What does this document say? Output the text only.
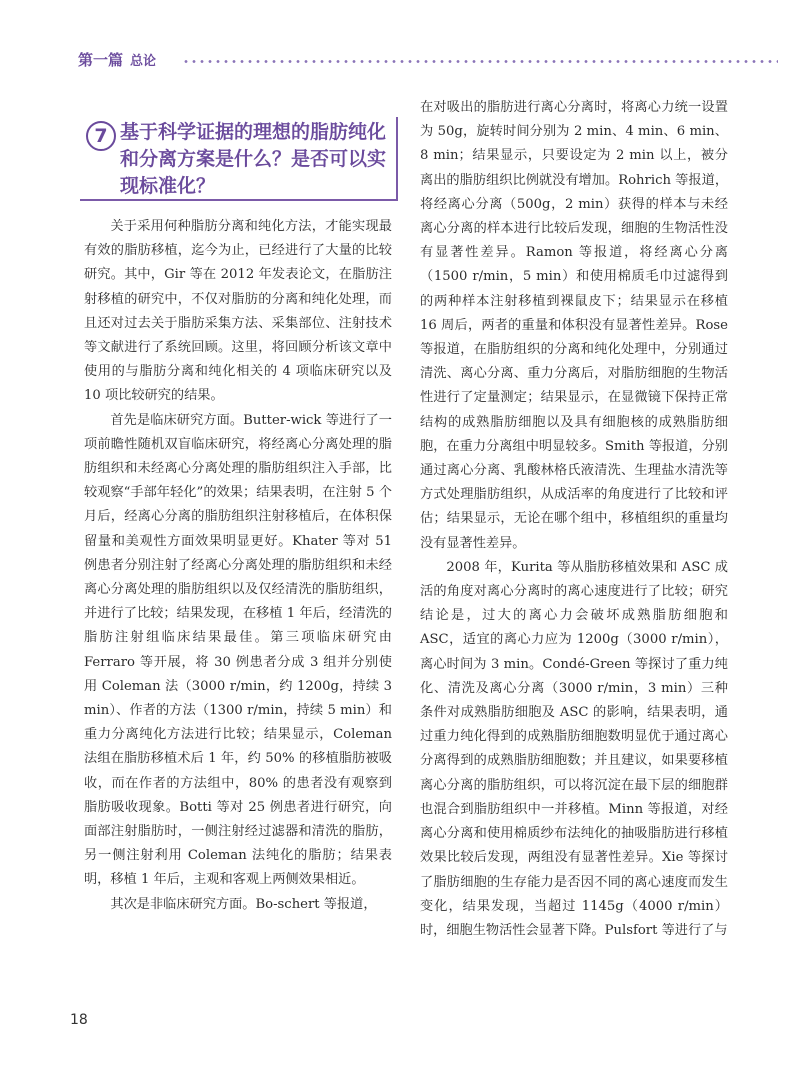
第一篇 总论
7 基于科学证据的理想的脂肪纯化和分离方案是什么？是否可以实现标准化？

关于采用何种脂肪分离和纯化方法，才能实现最有效的脂肪移植，迄今为止，已经进行了大量的比较研究。其中，Gir 等在 2012 年发表论文，在脂肪注射移植的研究中，不仅对脂肪的分离和纯化处理，而且还对过去关于脂肪采集方法、采集部位、注射技术等文献进行了系统回顾。这里，将回顾分析该文章中使用的与脂肪分离和纯化相关的 4 项临床研究以及 10 项比较研究的结果。

首先是临床研究方面。Butter-wick 等进行了一项前瞻性随机双盲临床研究，将经离心分离处理的脂肪组织和未经离心分离处理的脂肪组织注入手部，比较观察“手部年轻化”的效果；结果表明，在注射 5 个月后，经离心分离的脂肪组织注射移植后，在体积保留量和美观性方面效果明显更好。Khater 等对 51 例患者分别注射了经离心分离处理的脂肪组织和未经离心分离处理的脂肪组织以及仅经清洗的脂肪组织，并进行了比较；结果发现，在移植 1 年后，经清洗的脂肪注射组临床结果最佳。第三项临床研究由 Ferraro 等开展，将 30 例患者分成 3 组并分别使用 Coleman 法（3000 r/min，约 1200g，持续 3 min）、作者的方法（1300 r/min，持续 5 min）和重力分离纯化方法进行比较；结果显示，Coleman 法组在脂肪移植术后 1 年，约 50% 的移植脂肪被吸收，而在作者的方法组中，80% 的患者没有观察到脂肪吸收现象。Botti 等对 25 例患者进行研究，向面部注射脂肪时，一侧注射经过滤器和清洗的脂肪，另一侧注射利用 Coleman 法纯化的脂肪；结果表明，移植 1 年后，主观和客观上两侧效果相近。

其次是非临床研究方面。Bo-schert 等报道，

在对吸出的脂肪进行离心分离时，将离心力统一设置为 50g，旋转时间分别为 2 min、4 min、6 min、8 min；结果显示，只要设定为 2 min 以上，被分离出的脂肪组织比例就没有增加。Rohrich 等报道，将经离心分离（500g，2 min）获得的样本与未经离心分离的样本进行比较后发现，细胞的生物活性没有显著性差异。Ramon 等报道，将经离心分离（1500 r/min，5 min）和使用棉质毛巾过滤得到的两种样本注射移植到裸鼠皮下；结果显示在移植 16 周后，两者的重量和体积没有显著性差异。Rose 等报道，在脂肪组织的分离和纯化处理中，分别通过清洗、离心分离、重力分离后，对脂肪细胞的生物活性进行了定量测定；结果显示，在显微镜下保持正常结构的成熟脂肪细胞以及具有细胞核的成熟脂肪细胞，在重力分离组中明显较多。Smith 等报道，分别通过离心分离、乳酸林格氏液清洗、生理盐水清洗等方式处理脂肪组织，从成活率的角度进行了比较和评估；结果显示，无论在哪个组中，移植组织的重量均没有显著性差异。

2008 年，Kurita 等从脂肪移植效果和 ASC 成活的角度对离心分离时的离心速度进行了比较；研究结论是，过大的离心力会破坏成熟脂肪细胞和 ASC，适宜的离心力应为 1200g（3000 r/min），离心时间为 3 min。Condé-Green 等探讨了重力纯化、清洗及离心分离（3000 r/min，3 min）三种条件对成熟脂肪细胞及 ASC 的影响，结果表明，通过重力纯化得到的成熟脂肪细胞数明显优于通过离心分离得到的成熟脂肪细胞数；并且建议，如果要移植离心分离的脂肪组织，可以将沉淀在最下层的细胞群也混合到脂肪组织中一并移植。Minn 等报道，对经离心分离和使用棉质纱布法纯化的抽吸脂肪进行移植效果比较后发现，两组没有显著性差异。Xie 等探讨了脂肪细胞的生存能力是否因不同的离心速度而发生变化，结果发现，当超过 1145g（4000 r/min）时，细胞生物活性会显著下降。Pulsfort 等进行了与

18
